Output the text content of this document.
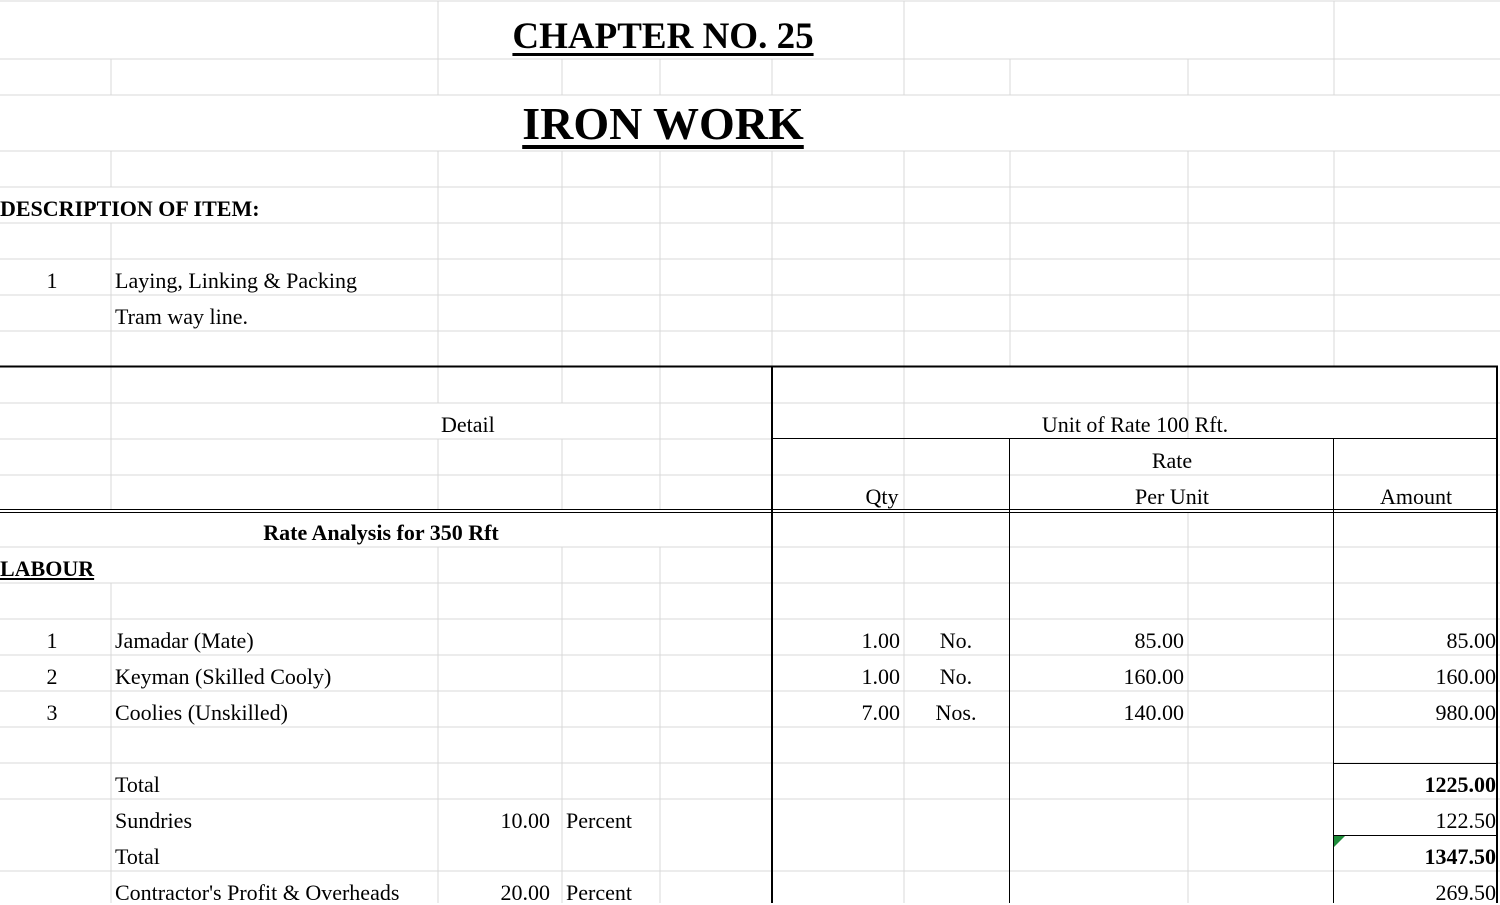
CHAPTER NO. 25
IRON WORK
DESCRIPTION OF ITEM:
1	Laying, Linking & Packing
Tram way line.
Detail	Unit of Rate 100 Rft.
Qty
Rate
Per Unit	Amount
Rate Analysis for 350 Rft
LABOUR
1	Jamadar (Mate)	1.00	No.	85.00	85.00
2	Keyman (Skilled Cooly)	1.00	No.	160.00	160.00
3	Coolies (Unskilled)	7.00	Nos.	140.00	980.00
Total	1225.00
Sundries	10.00 Percent	122.50
Total	1347.50
Contractor's Profit & Overheads	20.00 Percent	269.50
